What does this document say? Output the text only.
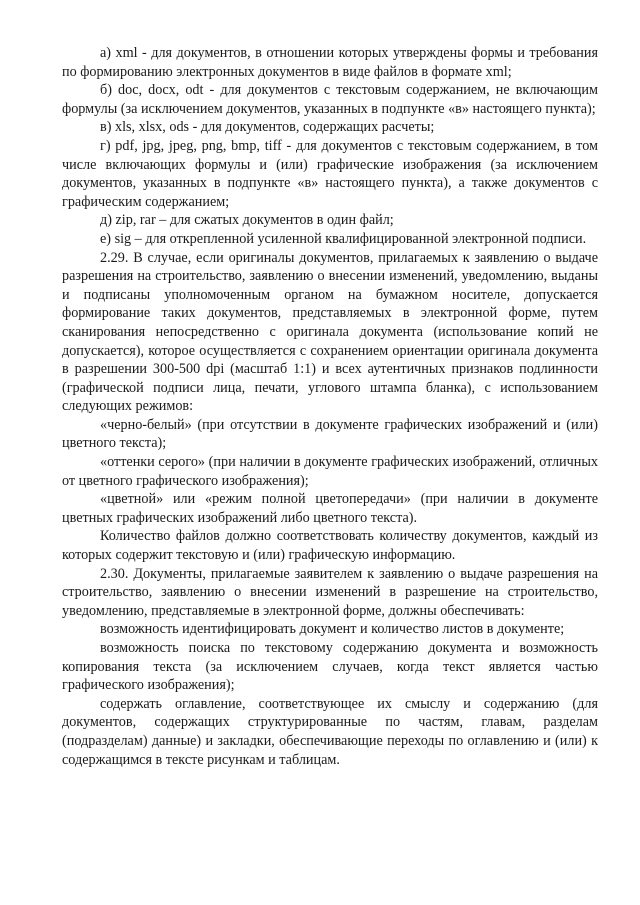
а) xml - для документов, в отношении которых утверждены формы и требования по формированию электронных документов в виде файлов в формате xml;

б) doc, docx, odt - для документов с текстовым содержанием, не включающим формулы (за исключением документов, указанных в подпункте «в» настоящего пункта);

в) xls, xlsx, ods - для документов, содержащих расчеты;

г) pdf, jpg, jpeg, png, bmp, tiff - для документов с текстовым содержанием, в том числе включающих формулы и (или) графические изображения (за исключением документов, указанных в подпункте «в» настоящего пункта), а также документов с графическим содержанием;

д) zip, rar – для сжатых документов в один файл;

е) sig – для открепленной усиленной квалифицированной электронной подписи.

2.29. В случае, если оригиналы документов, прилагаемых к заявлению о выдаче разрешения на строительство, заявлению о внесении изменений, уведомлению, выданы и подписаны уполномоченным органом на бумажном носителе, допускается формирование таких документов, представляемых в электронной форме, путем сканирования непосредственно с оригинала документа (использование копий не допускается), которое осуществляется с сохранением ориентации оригинала документа в разрешении 300-500 dpi (масштаб 1:1) и всех аутентичных признаков подлинности (графической подписи лица, печати, углового штампа бланка), с использованием следующих режимов:

«черно-белый» (при отсутствии в документе графических изображений и (или) цветного текста);

«оттенки серого» (при наличии в документе графических изображений, отличных от цветного графического изображения);

«цветной» или «режим полной цветопередачи» (при наличии в документе цветных графических изображений либо цветного текста).

Количество файлов должно соответствовать количеству документов, каждый из которых содержит текстовую и (или) графическую информацию.

2.30. Документы, прилагаемые заявителем к заявлению о выдаче разрешения на строительство, заявлению о внесении изменений в разрешение на строительство, уведомлению, представляемые в электронной форме, должны обеспечивать:

возможность идентифицировать документ и количество листов в документе;

возможность поиска по текстовому содержанию документа и возможность копирования текста (за исключением случаев, когда текст является частью графического изображения);

содержать оглавление, соответствующее их смыслу и содержанию (для документов, содержащих структурированные по частям, главам, разделам (подразделам) данные) и закладки, обеспечивающие переходы по оглавлению и (или) к содержащимся в тексте рисункам и таблицам.
